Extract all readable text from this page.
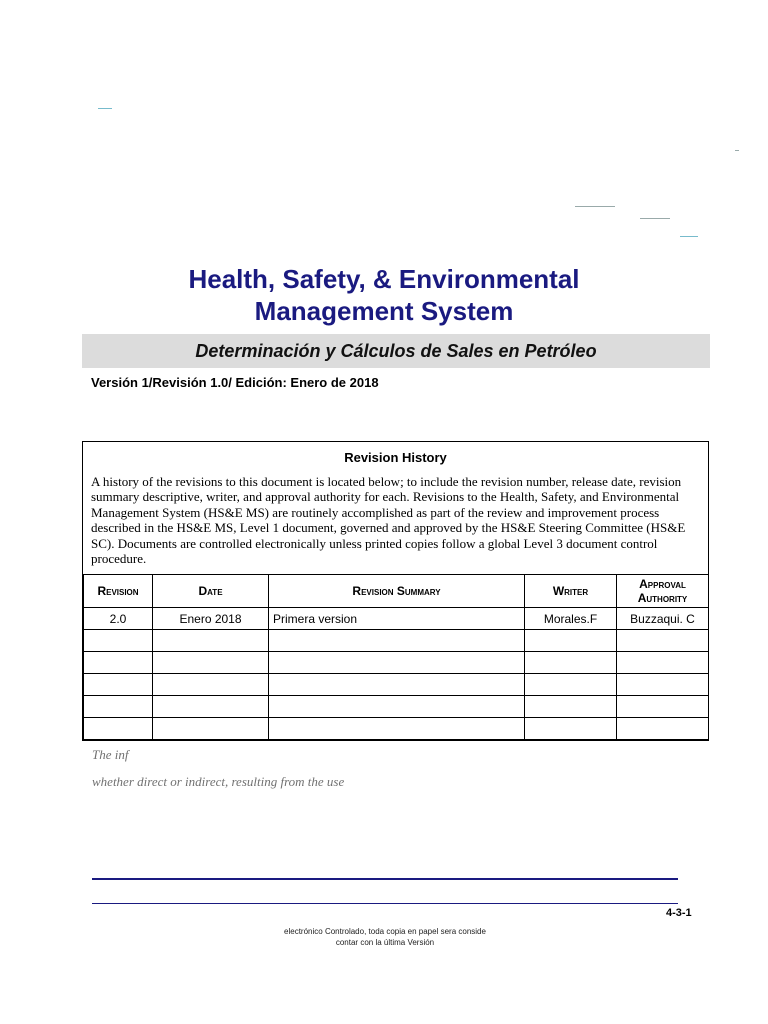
Health, Safety, & Environmental
Management System
Determinación y Cálculos de Sales en Petróleo
Versión 1/Revisión 1.0/ Edición: Enero de 2018
Revision History
A history of the revisions to this document is located below; to include the revision number, release date, revision summary descriptive, writer, and approval authority for each. Revisions to the Health, Safety, and Environmental Management System (HS&E MS) are routinely accomplished as part of the review and improvement process described in the HS&E MS, Level 1 document, governed and approved by the HS&E Steering Committee (HS&E SC). Documents are controlled electronically unless printed copies follow a global Level 3 document control procedure.
Revision	Date	Revision Summary	Writer	Approval Authority
2.0	Enero 2018	Primera version	Morales.F	Buzzaqui. C

The inf
whether direct or indirect, resulting from the use
4-3-1
electrónico Controlado, toda copia en papel sera conside
contar con la última Versión
